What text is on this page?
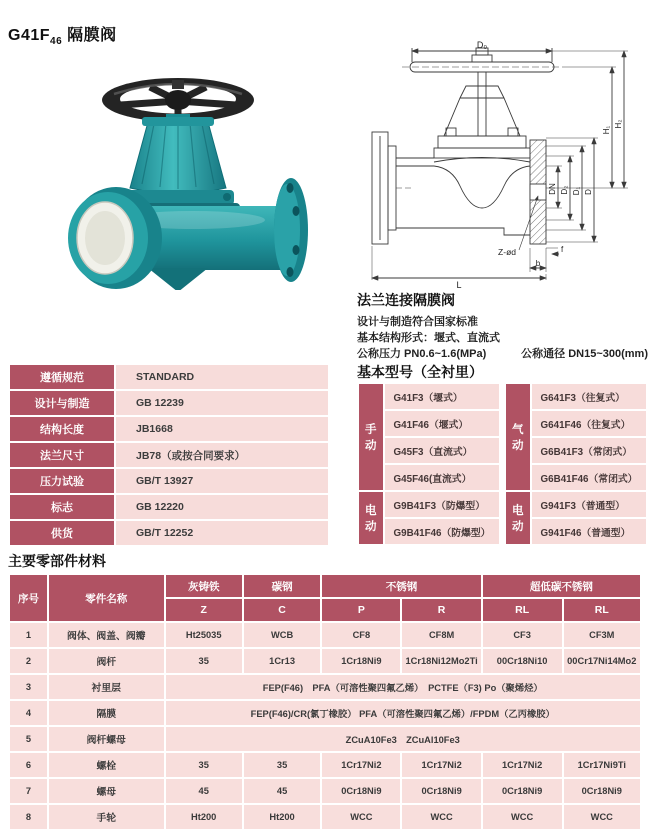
$G41F_{46}$ 隔膜阀
D₀
DN D₂ D₁ D
H₁
H₂
Z-ød	f
b
L
法兰连接隔膜阀
设计与制造符合国家标准
基本结构形式：堰式、直流式
公称压力 PN0.6~1.6(MPa)	公称通径 DN15~300(mm)
基本型号（全衬里）
遵循规范	STANDARD
设计与制造	GB 12239
结构长度	JB1668
法兰尺寸	JB78（或按合同要求）
压力试验	GB/T 13927
标志	GB 12220
供货	GB/T 12252
手动	G41F3（堰式）
	G41F46（堰式）
	G45F3（直流式）
	G45F46(直流式）
电动	G9B41F3（防爆型）
	G9B41F46（防爆型）
气动	G641F3（往复式）
	G641F46（往复式）
	G6B41F3（常闭式）
	G6B41F46（常闭式）
电动	G941F3（普通型）
	G941F46（普通型）
主要零部件材料
序号	零件名称	灰铸铁	碳钢	不锈钢		超低碳不锈钢	
		Z	C	P	R	RL	RL
1	阀体、阀盖、阀瓣	Ht25035	WCB	CF8	CF8M	CF3	CF3M
2	阀杆	35	1Cr13	1Cr18Ni9	1Cr18Ni12Mo2Ti	00Cr18Ni10	00Cr17Ni14Mo2
3	衬里层	FEP(F46)　PFA（可溶性聚四氟乙烯）　PCTFE（F3) Po（聚烯烃）					
4	隔膜	FEP(F46)/CR(氯丁橡胶） PFA（可溶性聚四氟乙烯）/FPDM（乙丙橡胶）					
5	阀杆螺母	ZCuA10Fe3　ZCuAl10Fe3					
6	螺栓	35	35	1Cr17Ni2	1Cr17Ni2	1Cr17Ni2	1Cr17Ni9Ti
7	螺母	45	45	0Cr18Ni9	0Cr18Ni9	0Cr18Ni9	0Cr18Ni9
8	手轮	Ht200	Ht200	WCC	WCC	WCC	WCC
